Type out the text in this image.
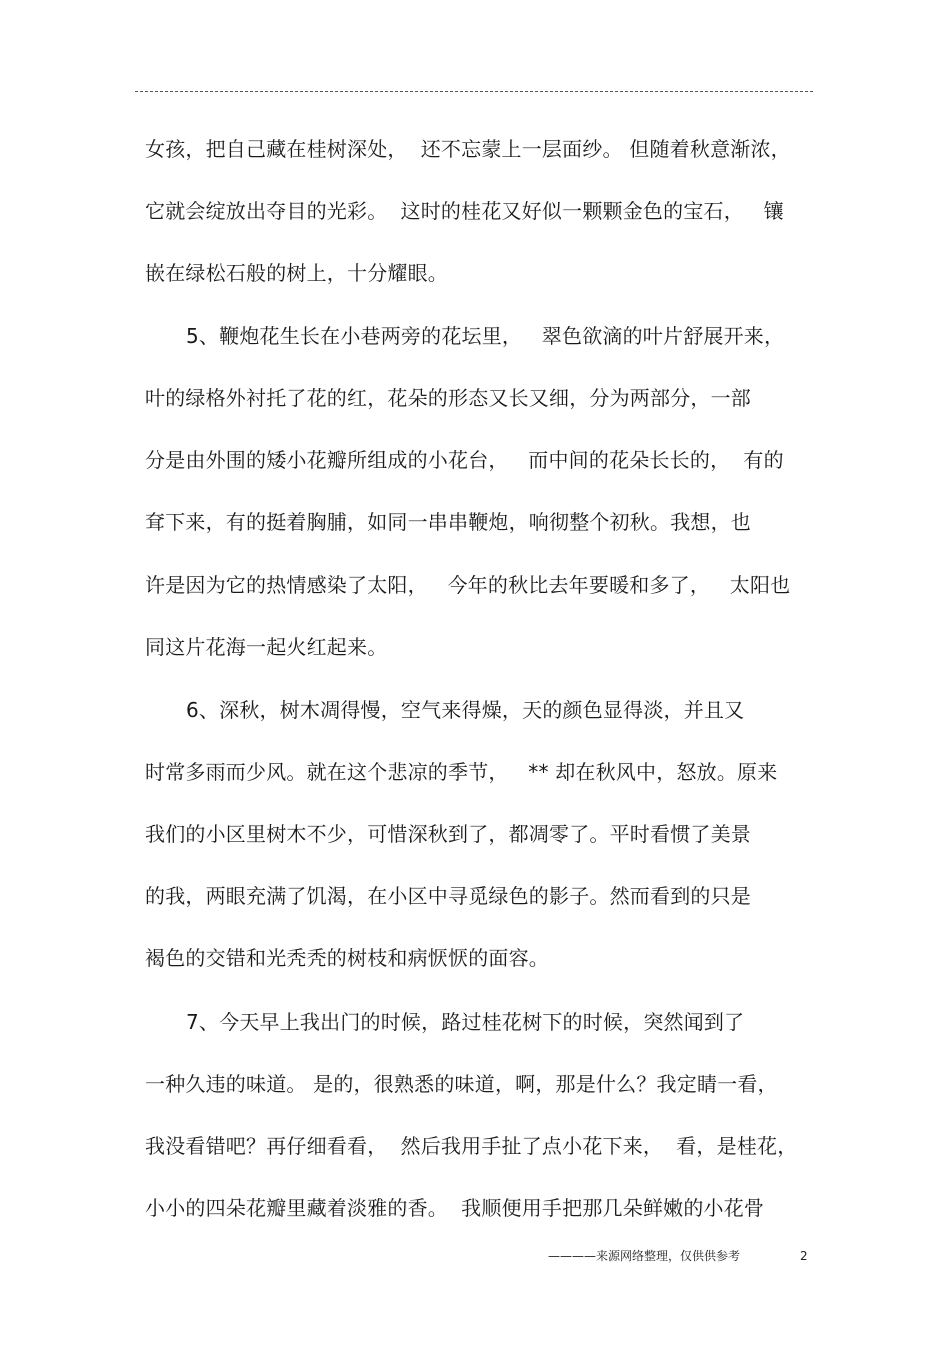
女孩，把自己藏在桂树深处，  还不忘蒙上一层面纱。 但随着秋意渐浓，
它就会绽放出夺目的光彩。  这时的桂花又好似一颗颗金色的宝石，   镶
嵌在绿松石般的树上，十分耀眼。
5、鞭炮花生长在小巷两旁的花坛里，   翠色欲滴的叶片舒展开来，
叶的绿格外衬托了花的红，花朵的形态又长又细，分为两部分，一部
分是由外围的矮小花瓣所组成的小花台，   而中间的花朵长长的，  有的
耷下来，有的挺着胸脯，如同一串串鞭炮，响彻整个初秋。我想，也
许是因为它的热情感染了太阳，   今年的秋比去年要暖和多了，   太阳也
同这片花海一起火红起来。
6、深秋，树木凋得慢，空气来得燥，天的颜色显得淡，并且又
时常多雨而少风。就在这个悲凉的季节，   ** 却在秋风中，怒放。原来
我们的小区里树木不少，可惜深秋到了，都凋零了。平时看惯了美景
的我，两眼充满了饥渴，在小区中寻觅绿色的影子。然而看到的只是
褐色的交错和光秃秃的树枝和病恹恹的面容。
7、今天早上我出门的时候，路过桂花树下的时候，突然闻到了
一种久违的味道。 是的，很熟悉的味道，啊，那是什么？我定睛一看，
我没看错吧？再仔细看看，  然后我用手扯了点小花下来，  看，是桂花，
小小的四朵花瓣里藏着淡雅的香。  我顺便用手把那几朵鲜嫩的小花骨
————来源网络整理，仅供供参考	2
